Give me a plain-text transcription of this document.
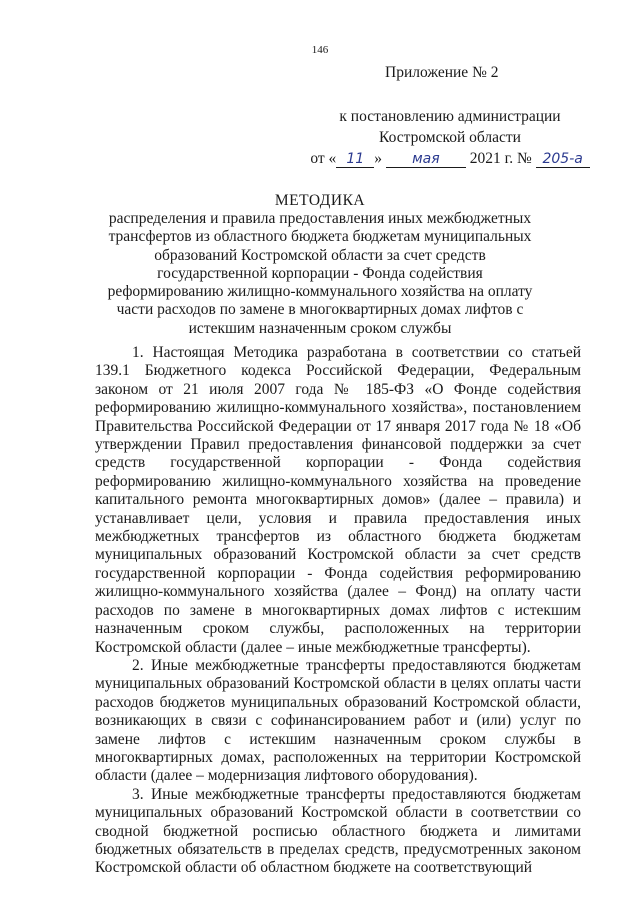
146
Приложение № 2
к постановлению администрации
Костромской области
от « 11 » мая 2021 г. № 205-а
МЕТОДИКА
распределения и правила предоставления иных межбюджетных трансфертов из областного бюджета бюджетам муниципальных образований Костромской области за счет средств государственной корпорации - Фонда содействия реформированию жилищно-коммунального хозяйства на оплату части расходов по замене в многоквартирных домах лифтов с истекшим назначенным сроком службы

1. Настоящая Методика разработана в соответствии со статьей 139.1 Бюджетного кодекса Российской Федерации, Федеральным законом от 21 июля 2007 года № 185-ФЗ «О Фонде содействия реформированию жилищно-коммунального хозяйства», постановлением Правительства Российской Федерации от 17 января 2017 года № 18 «Об утверждении Правил предоставления финансовой поддержки за счет средств государственной корпорации - Фонда содействия реформированию жилищно-коммунального хозяйства на проведение капитального ремонта многоквартирных домов» (далее – правила) и устанавливает цели, условия и правила предоставления иных межбюджетных трансфертов из областного бюджета бюджетам муниципальных образований Костромской области за счет средств государственной корпорации - Фонда содействия реформированию жилищно-коммунального хозяйства (далее – Фонд) на оплату части расходов по замене в многоквартирных домах лифтов с истекшим назначенным сроком службы, расположенных на территории Костромской области (далее – иные межбюджетные трансферты).

2. Иные межбюджетные трансферты предоставляются бюджетам муниципальных образований Костромской области в целях оплаты части расходов бюджетов муниципальных образований Костромской области, возникающих в связи с софинансированием работ и (или) услуг по замене лифтов с истекшим назначенным сроком службы в многоквартирных домах, расположенных на территории Костромской области (далее – модернизация лифтового оборудования).

3. Иные межбюджетные трансферты предоставляются бюджетам муниципальных образований Костромской области в соответствии со сводной бюджетной росписью областного бюджета и лимитами бюджетных обязательств в пределах средств, предусмотренных законом Костромской области об областном бюджете на соответствующий
